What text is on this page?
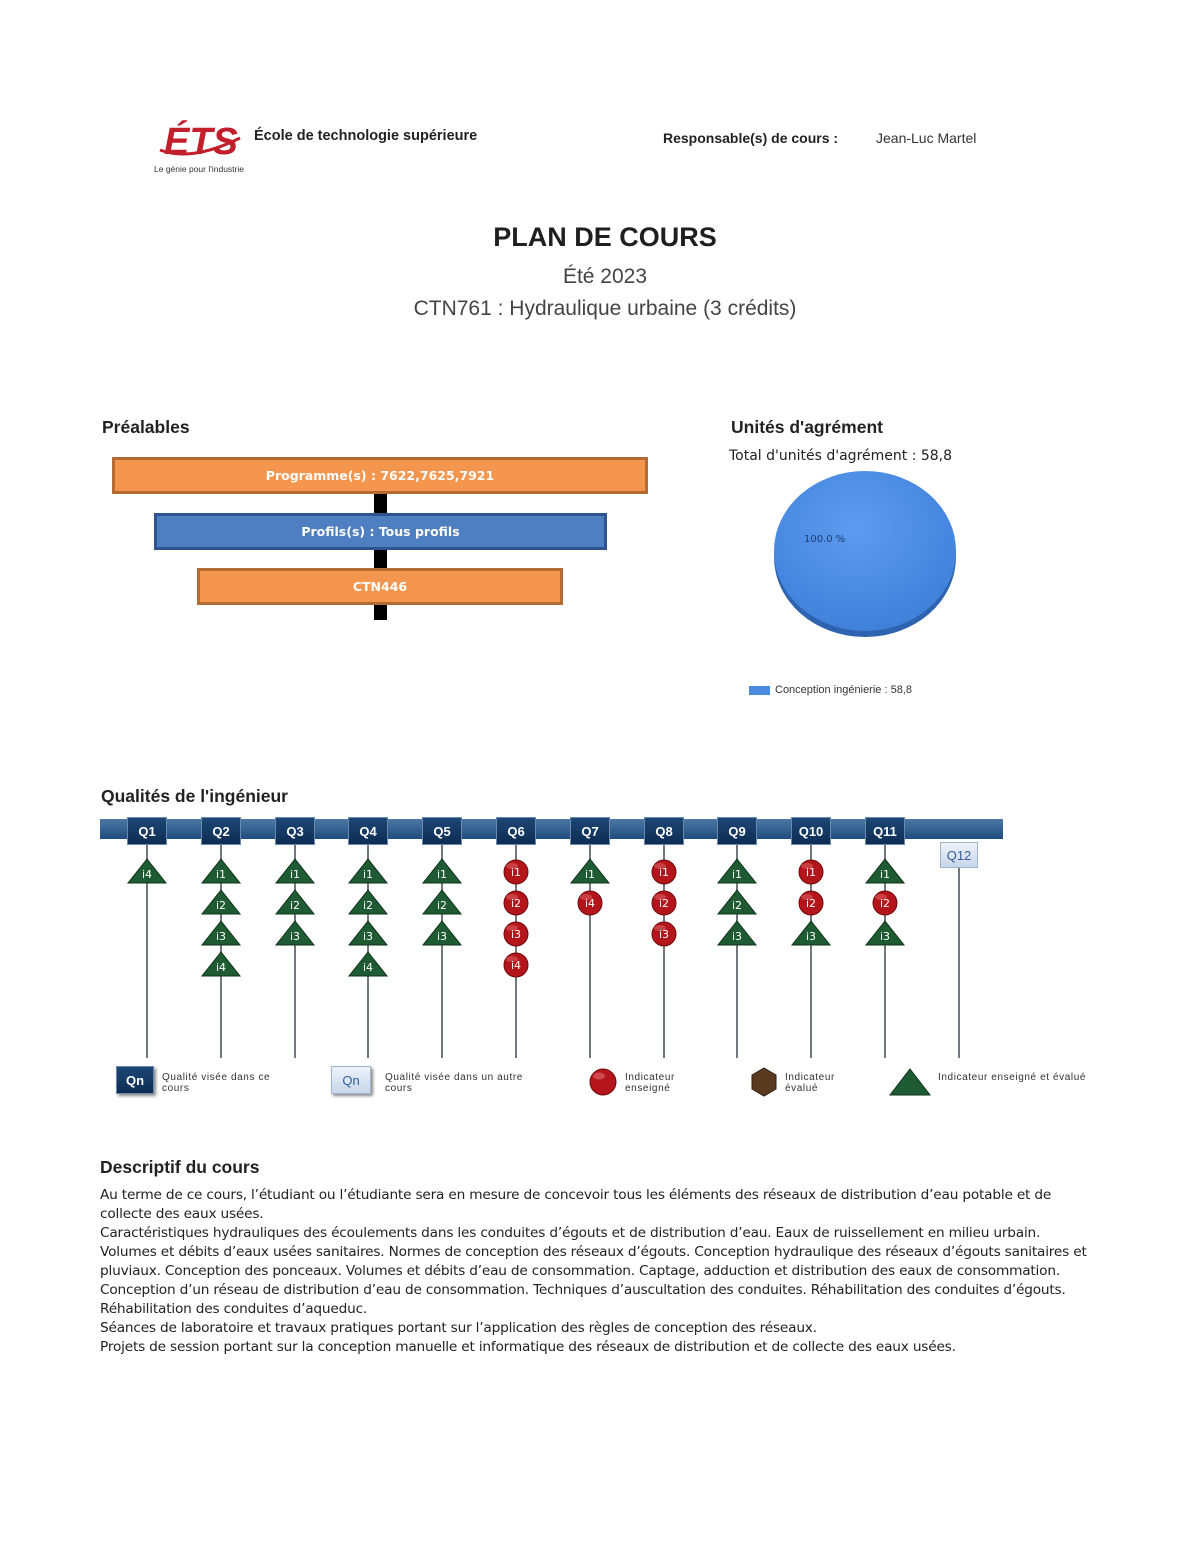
ÉTS
Le génie pour l'industrie
École de technologie supérieure	Responsable(s) de cours :	Jean-Luc Martel
PLAN DE COURS
Été 2023
CTN761 : Hydraulique urbaine (3 crédits)
Préalables
Programme(s) : 7622,7625,7921
Profils(s) : Tous profils
CTN446
Unités d'agrément
Total d'unités d'agrément : 58,8
100.0 %
Conception ingénierie : 58,8
Qualités de l'ingénieur
Q1
i4
Q2
i1
i2
i3
i4
Q3
i1
i2
i3
Q4
i1
i2
i3
i4
Q5
i1
i2
i3
Q6
i1
i2
i3
i4
Q7
i1
i4
Q8
i1
i2
i3
Q9
i1
i2
i3
Q10
i1
i2
i3
Q11
i1
i2
i3
Q12
Qn	Qualité visée dans ce cours
Qn	Qualité visée dans un autre cours
Indicateur enseigné
Indicateur évalué
Indicateur enseigné et évalué
Descriptif du cours

Au terme de ce cours, l’étudiant ou l’étudiante sera en mesure de concevoir tous les éléments des réseaux de distribution d’eau potable et de collecte des eaux usées.

Caractéristiques hydrauliques des écoulements dans les conduites d’égouts et de distribution d’eau. Eaux de ruissellement en milieu urbain. Volumes et débits d’eaux usées sanitaires. Normes de conception des réseaux d’égouts. Conception hydraulique des réseaux d’égouts sanitaires et pluviaux. Conception des ponceaux. Volumes et débits d’eau de consommation. Captage, adduction et distribution des eaux de consommation. Conception d’un réseau de distribution d’eau de consommation. Techniques d’auscultation des conduites. Réhabilitation des conduites d’égouts. Réhabilitation des conduites d’aqueduc.

Séances de laboratoire et travaux pratiques portant sur l’application des règles de conception des réseaux.

Projets de session portant sur la conception manuelle et informatique des réseaux de distribution et de collecte des eaux usées.
